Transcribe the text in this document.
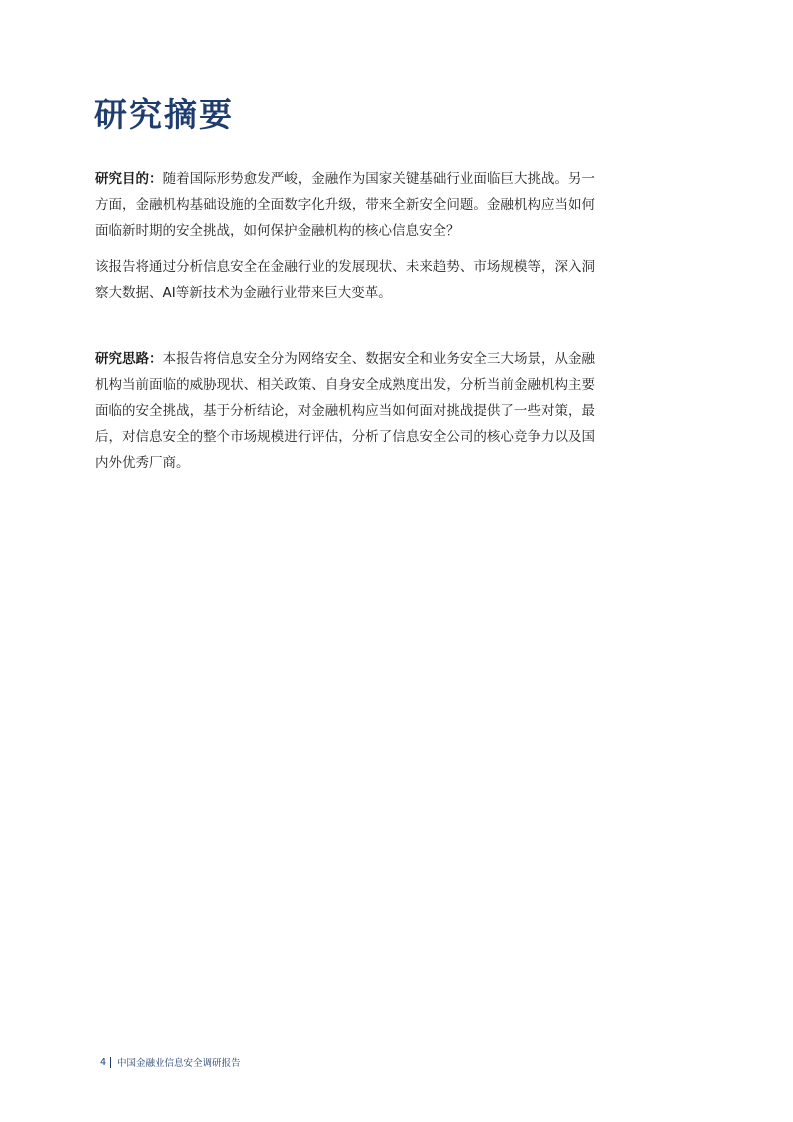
研究摘要

研究目的：随着国际形势愈发严峻，金融作为国家关键基础行业面临巨大挑战。另一方面，金融机构基础设施的全面数字化升级，带来全新安全问题。金融机构应当如何面临新时期的安全挑战，如何保护金融机构的核心信息安全？

该报告将通过分析信息安全在金融行业的发展现状、未来趋势、市场规模等，深入洞察大数据、AI等新技术为金融行业带来巨大变革。

研究思路：本报告将信息安全分为网络安全、数据安全和业务安全三大场景，从金融机构当前面临的威胁现状、相关政策、自身安全成熟度出发，分析当前金融机构主要面临的安全挑战，基于分析结论，对金融机构应当如何面对挑战提供了一些对策，最后，对信息安全的整个市场规模进行评估，分析了信息安全公司的核心竞争力以及国内外优秀厂商。

4 中国金融业信息安全调研报告
